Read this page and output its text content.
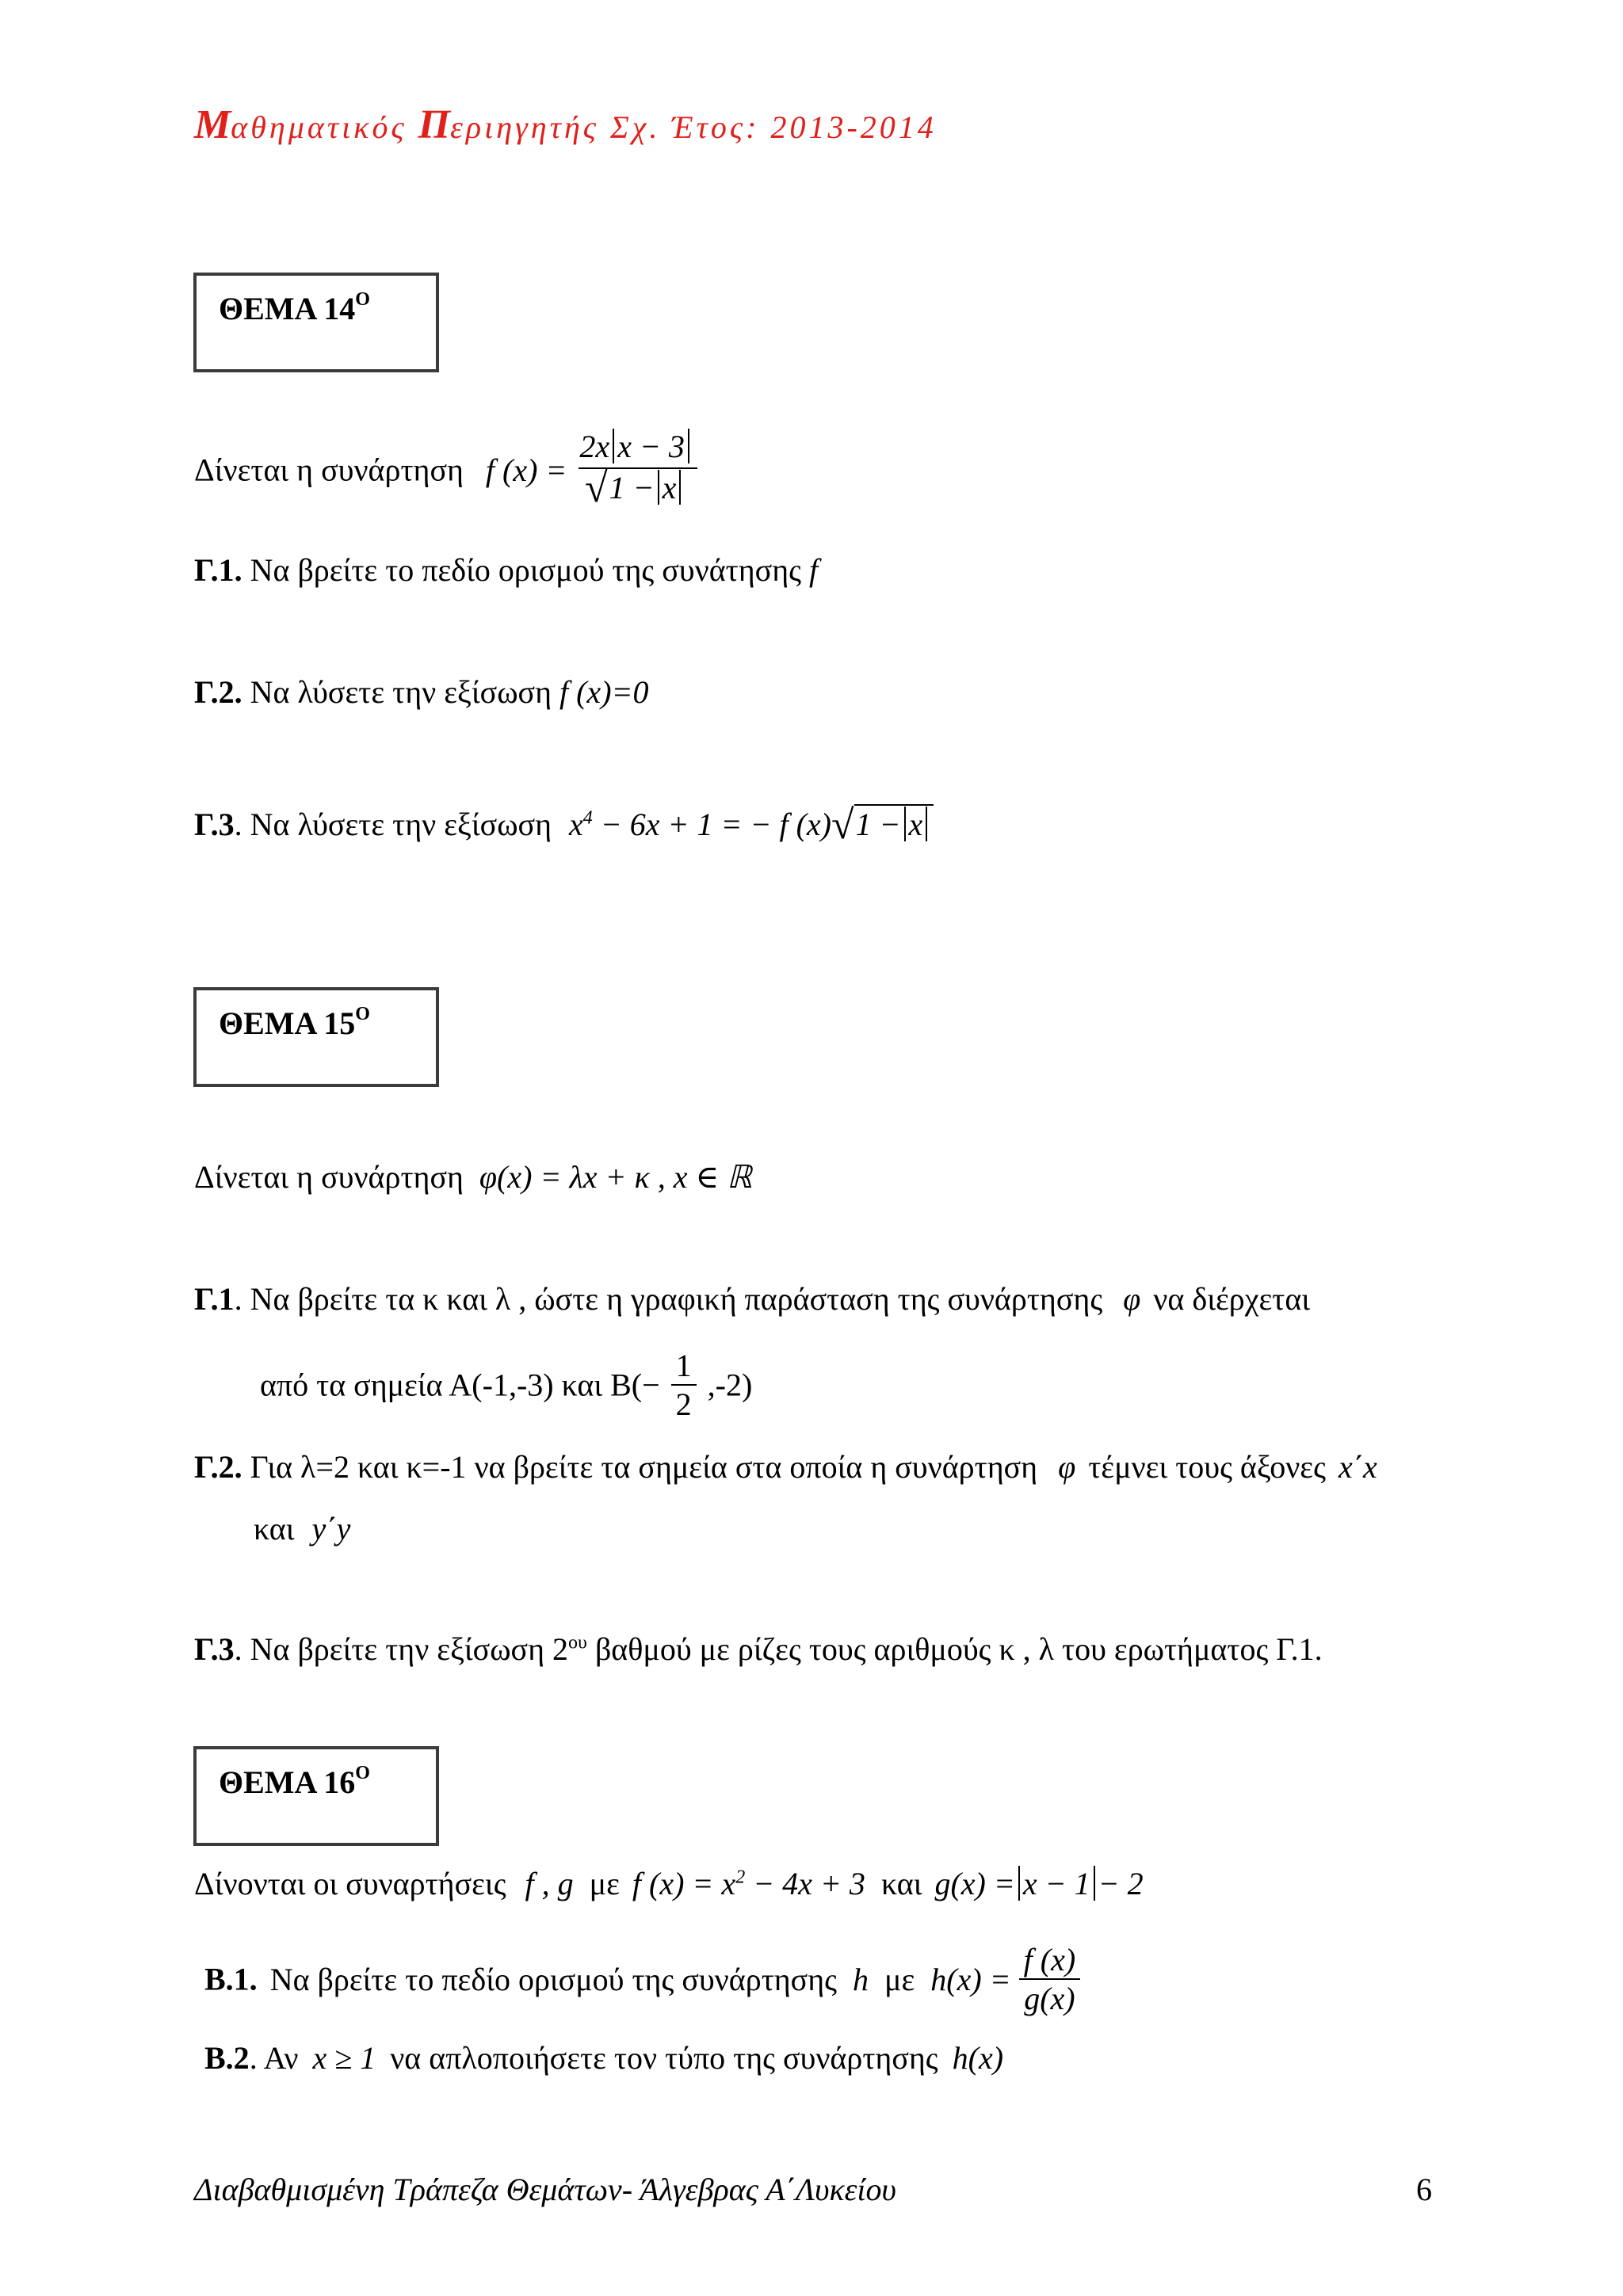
Μαθηματικός Περιηγητής Σχ. Έτος: 2013-2014
ΘΕΜΑ $14^O$
Δίνεται η συνάρτηση f (x) =
2x x − 3
√1 − x
Γ.1. Να βρείτε το πεδίο ορισμού της συνάτησης f
Γ.2. Να λύσετε την εξίσωση f (x)=0
Γ.3. Να λύσετε την εξίσωση $x^4 - 6x + 1$ = − f (x)√1 − x
ΘΕΜΑ $15^O$
Δίνεται η συνάρτηση φ(x) = λx + κ , x ∈ ℝ
Γ.1. Να βρείτε τα κ και λ , ώστε η γραφική παράσταση της συνάρτησης φ να διέρχεται
από τα σημεία Α(-1,-3) και $B(- \frac{1}{2} ,-2)$
Γ.2. Για λ=2 και κ=-1 να βρείτε τα σημεία στα οποία η συνάρτηση φ τέμνει τους άξονες x΄x
και y΄y
Γ.3. Να βρείτε την εξίσωση $2^{o\upsilon}$ βαθμού με ρίζες τους αριθμούς κ , λ του ερωτήματος Γ.1.
ΘΕΜΑ $16^O$
Δίνονται οι συναρτήσεις f , g με f $(x) = x^2 - 4x + 3$ και g(x) = x − 1 − 2
Β.1. Να βρείτε το πεδίο ορισμού της συνάρτησης h με $h(x) = \frac{f (x)}{g(x)}$
Β.2. Αν x ≥ 1 να απλοποιήσετε τον τύπο της συνάρτησης h(x)
Διαβαθμισμένη Τράπεζα Θεμάτων- Άλγεβρας Α΄Λυκείου	6
